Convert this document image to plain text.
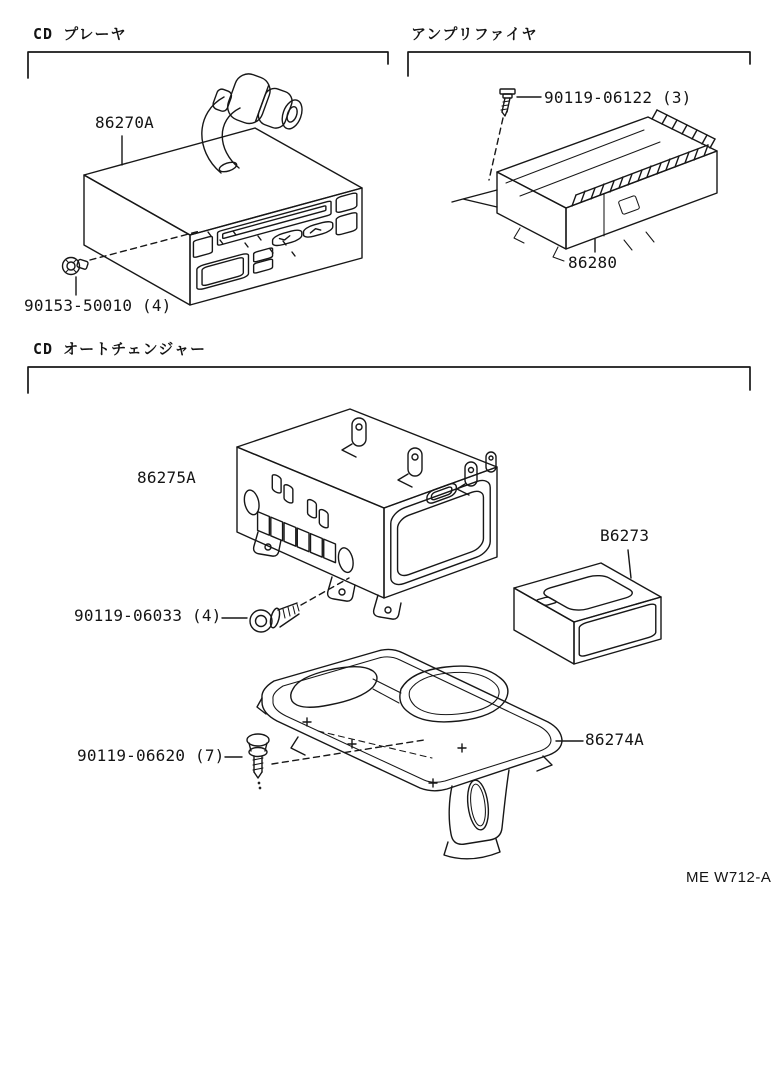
CD プレーヤ	アンプリファイヤ
CD オートチェンジャー
86270A
90153-50010 (4)
90119-06122 (3)
86280
86275A
B6273
90119-06033 (4)
90119-06620 (7)
86274A
ME W712-A
